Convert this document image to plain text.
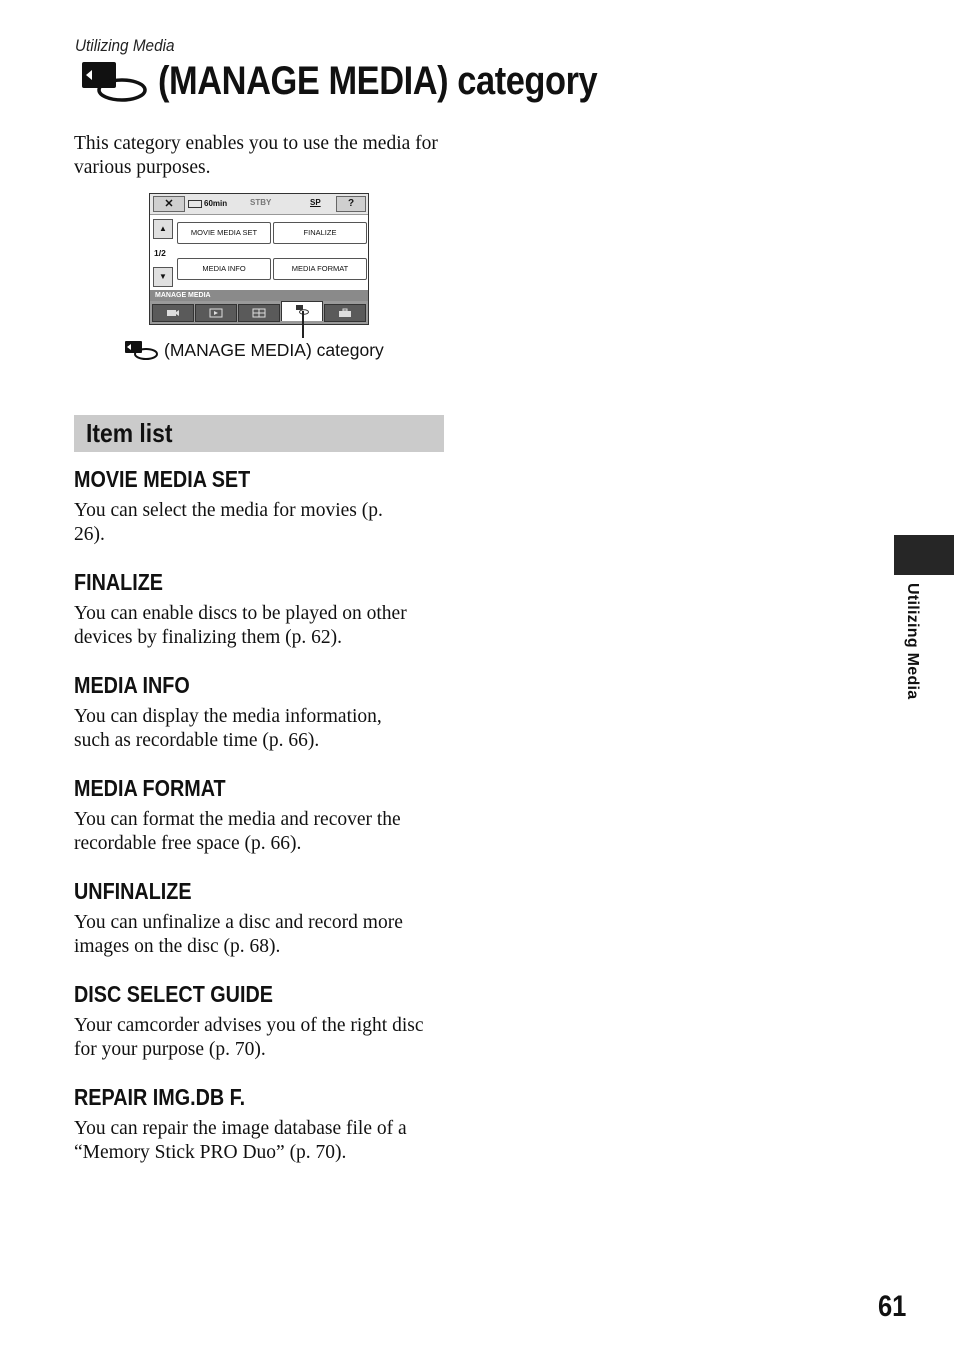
Utilizing Media
(MANAGE MEDIA) category

This category enables you to use the media for various purposes.

✕	60min	STBY	SP	?
▲
1/2
▼
MOVIE MEDIA SET	FINALIZE
MEDIA INFO	MEDIA FORMAT
MANAGE MEDIA
(MANAGE MEDIA) category
Item list
MOVIE MEDIA SET

You can select the media for movies (p. 26).

FINALIZE

You can enable discs to be played on other devices by finalizing them (p. 62).

MEDIA INFO

You can display the media information, such as recordable time (p. 66).

MEDIA FORMAT

You can format the media and recover the recordable free space (p. 66).

UNFINALIZE

You can unfinalize a disc and record more images on the disc (p. 68).

DISC SELECT GUIDE

Your camcorder advises you of the right disc for your purpose (p. 70).

REPAIR IMG.DB F.

You can repair the image database file of a “Memory Stick PRO Duo” (p. 70).

Utilizing Media
61
